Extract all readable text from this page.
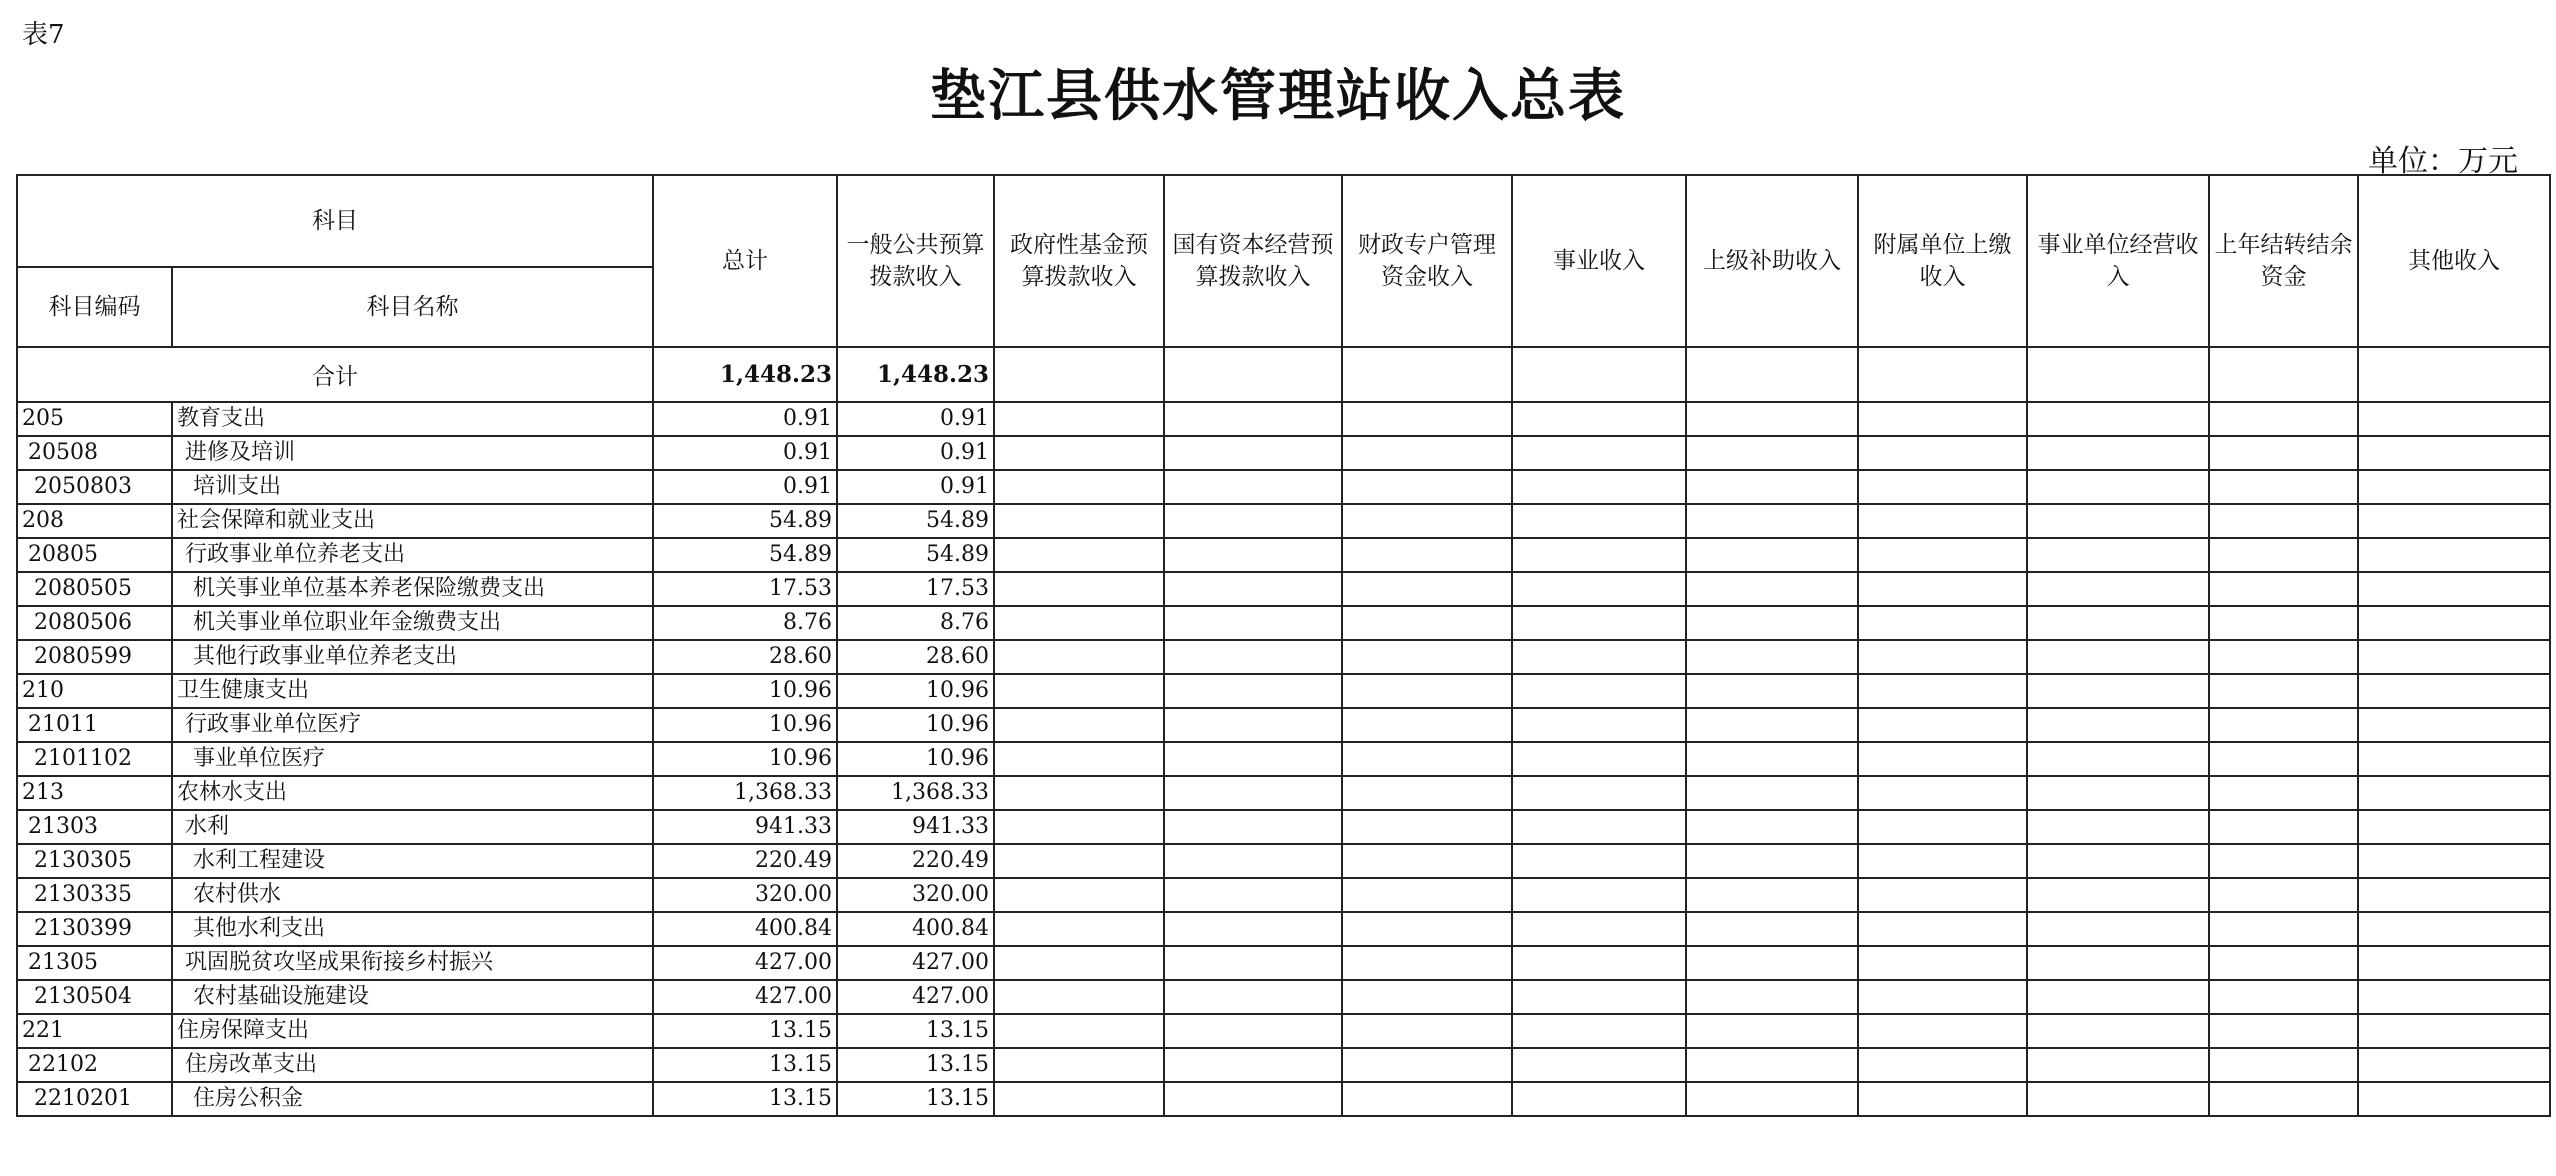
表7
垫江县供水管理站收入总表
单位：万元
科目		总计	一般公共预算拨款收入	政府性基金预算拨款收入	国有资本经营预算拨款收入	财政专户管理资金收入	事业收入	上级补助收入	附属单位上缴收入	事业单位经营收入	上年结转结余资金	其他收入
科目编码	科目名称											
合计		1,448.23	1,448.23									
205	教育支出	0.91	0.91									
20508	进修及培训	0.91	0.91									
2050803	培训支出	0.91	0.91									
208	社会保障和就业支出	54.89	54.89									
20805	行政事业单位养老支出	54.89	54.89									
2080505	机关事业单位基本养老保险缴费支出	17.53	17.53									
2080506	机关事业单位职业年金缴费支出	8.76	8.76									
2080599	其他行政事业单位养老支出	28.60	28.60									
210	卫生健康支出	10.96	10.96									
21011	行政事业单位医疗	10.96	10.96									
2101102	事业单位医疗	10.96	10.96									
213	农林水支出	1,368.33	1,368.33									
21303	水利	941.33	941.33									
2130305	水利工程建设	220.49	220.49									
2130335	农村供水	320.00	320.00									
2130399	其他水利支出	400.84	400.84									
21305	巩固脱贫攻坚成果衔接乡村振兴	427.00	427.00									
2130504	农村基础设施建设	427.00	427.00									
221	住房保障支出	13.15	13.15									
22102	住房改革支出	13.15	13.15									
2210201	住房公积金	13.15	13.15									
